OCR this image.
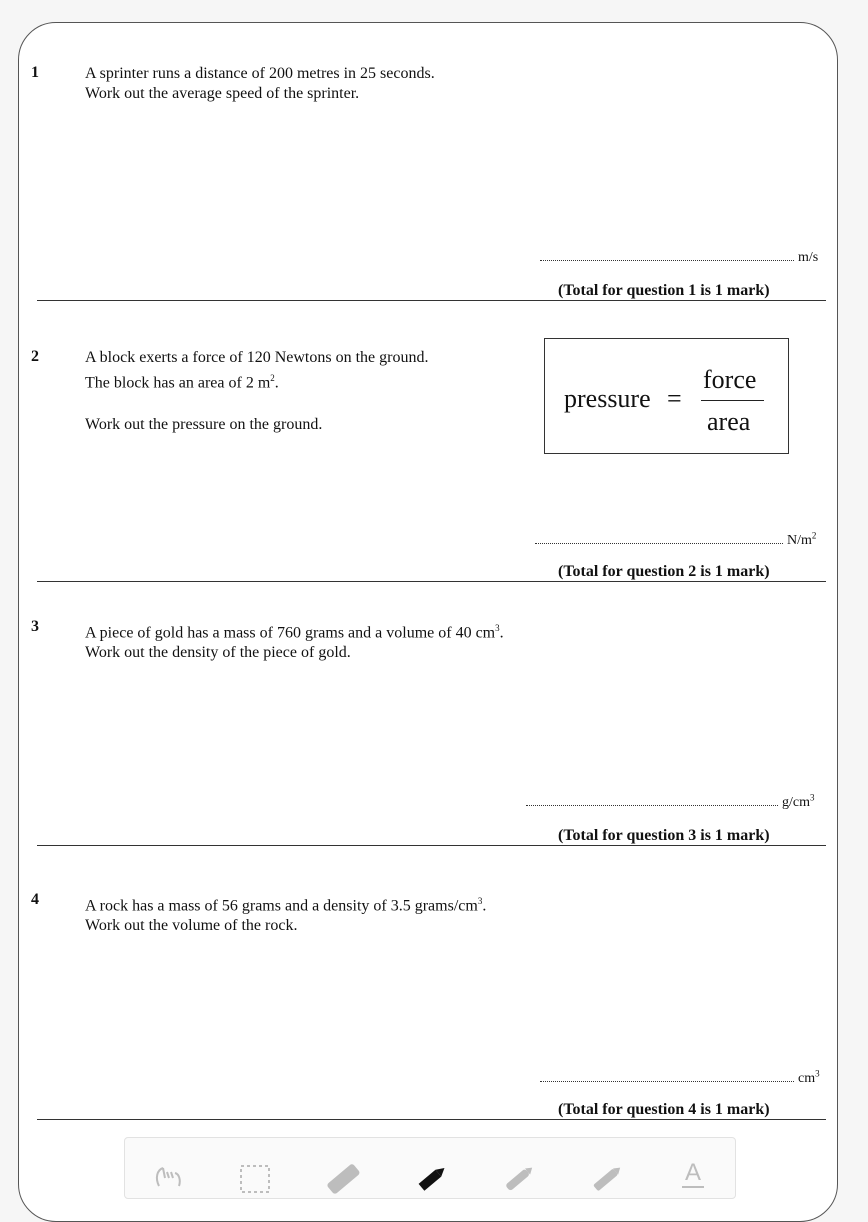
1	A sprinter runs a distance of 200 metres in 25 seconds.
Work out the average speed of the sprinter.
m/s
(Total for question 1 is 1 mark)
2	A block exerts a force of 120 Newtons on the ground.
The block has an area of 2 $m^2$.
Work out the pressure on the ground.
pressure =
force
area
$N/m^2$
(Total for question 2 is 1 mark)
3	A piece of gold has a mass of 760 grams and a volume of 40 $cm^3$.
Work out the density of the piece of gold.
$g/cm^3$
(Total for question 3 is 1 mark)
4	A rock has a mass of 56 grams and a density of 3.5 grams/$cm^3$.
Work out the volume of the rock.
$cm^3$
(Total for question 4 is 1 mark)
A
